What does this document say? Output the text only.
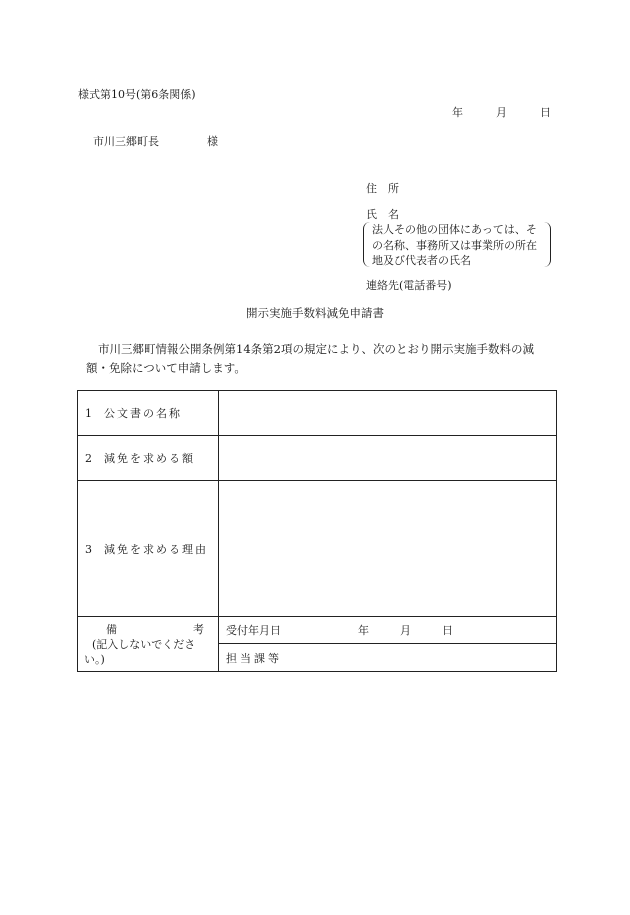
様式第10号(第6条関係)
年	月	日
市川三郷町長	様
住　所
氏　名
法人その他の団体にあっては、そ
の名称、事務所又は事業所の所在
地及び代表者の氏名
連絡先(電話番号)
開示実施手数料減免申請書
市川三郷町情報公開条例第14条第2項の規定により、次のとおり開示実施手数料の減額・免除について申請します。
1 公文書の名称	
2 減免を求める額	
3 減免を求める理由	

備 考
(記入しないでください。)	受付年月日 年 月 日
	担当課等
